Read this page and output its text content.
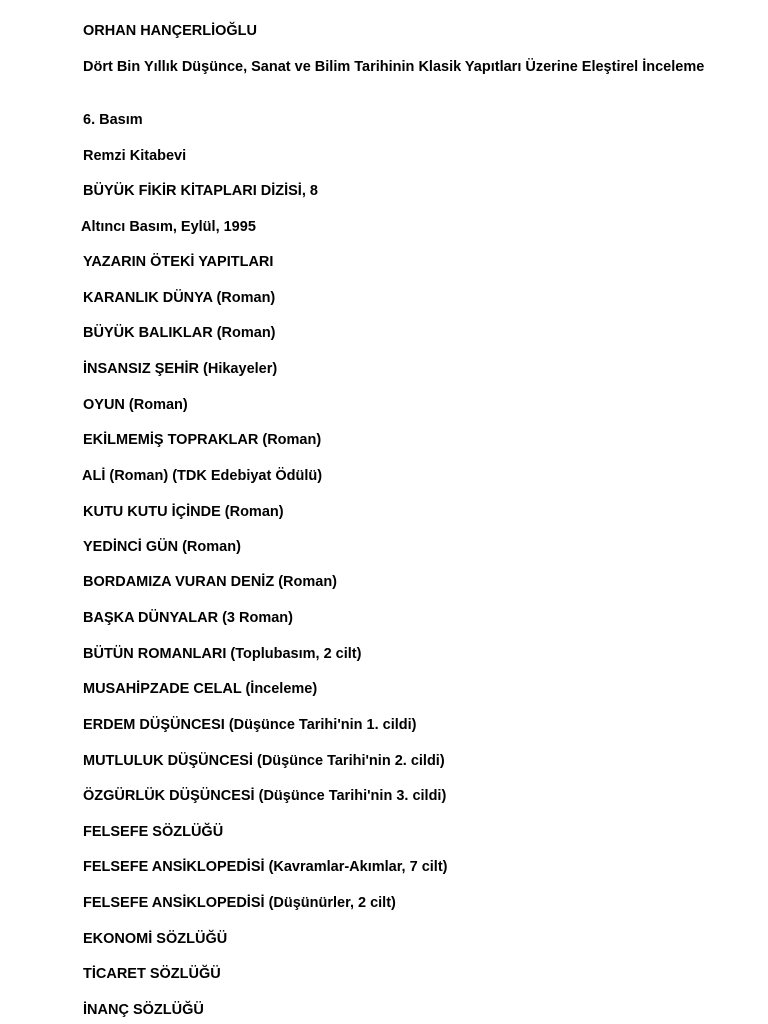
ORHAN HANÇERLİOĞLU
Dört Bin Yıllık Düşünce, Sanat ve Bilim Tarihinin Klasik Yapıtları Üzerine Eleştirel İnceleme
6. Basım
Remzi Kitabevi
BÜYÜK FİKİR KİTAPLARI DİZİSİ, 8
Altıncı Basım, Eylül, 1995
YAZARIN ÖTEKİ YAPITLARI
KARANLIK DÜNYA (Roman)
BÜYÜK BALIKLAR (Roman)
İNSANSIZ ŞEHİR (Hikayeler)
OYUN (Roman)
EKİLMEMİŞ TOPRAKLAR (Roman)
ALİ (Roman) (TDK Edebiyat Ödülü)
KUTU KUTU İÇİNDE (Roman)
YEDİNCİ GÜN (Roman)
BORDAMIZA VURAN DENİZ (Roman)
BAŞKA DÜNYALAR (3 Roman)
BÜTÜN ROMANLARI (Toplubasım, 2 cilt)
MUSAHİPZADE CELAL (İnceleme)
ERDEM DÜŞÜNCESI (Düşünce Tarihi'nin 1. cildi)
MUTLULUK DÜŞÜNCESİ (Düşünce Tarihi'nin 2. cildi)
ÖZGÜRLÜK DÜŞÜNCESİ (Düşünce Tarihi'nin 3. cildi)
FELSEFE SÖZLÜĞÜ
FELSEFE ANSİKLOPEDİSİ (Kavramlar-Akımlar, 7 cilt)
FELSEFE ANSİKLOPEDİSİ (Düşünürler, 2 cilt)
EKONOMİ SÖZLÜĞÜ
TİCARET SÖZLÜĞÜ
İNANÇ SÖZLÜĞÜ
